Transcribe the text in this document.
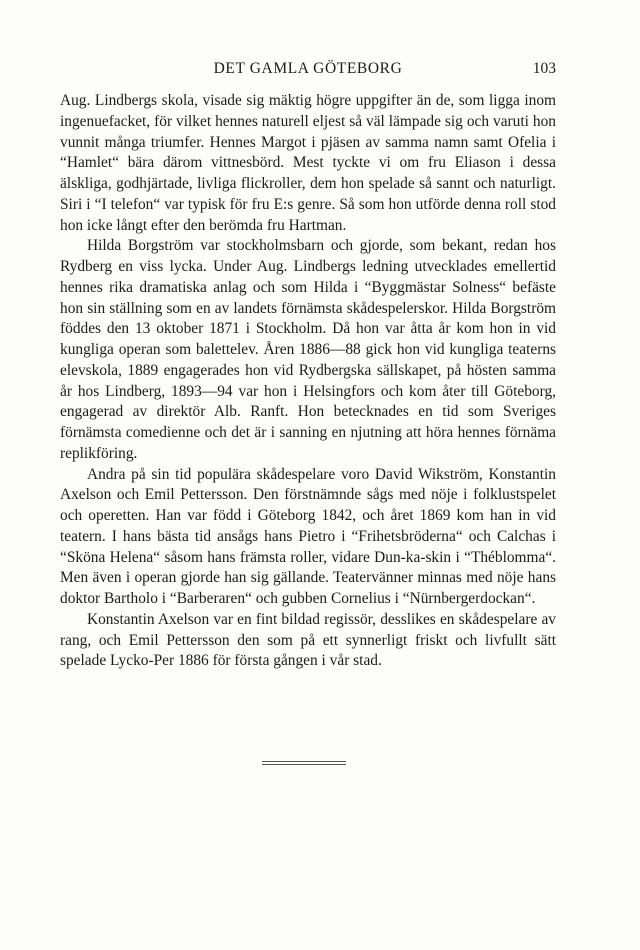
DET GAMLA GÖTEBORG	103

Aug. Lindbergs skola, visade sig mäktig högre uppgifter än de, som ligga inom ingenuefacket, för vilket hennes naturell eljest så väl lämpade sig och varuti hon vunnit många triumfer. Hennes Margot i pjäsen av samma namn samt Ofelia i “Hamlet“ bära därom vittnesbörd. Mest tyckte vi om fru Eliason i dessa älskliga, godhjärtade, livliga flickroller, dem hon spelade så sannt och naturligt. Siri i “I telefon“ var typisk för fru E:s genre. Så som hon utförde denna roll stod hon icke långt efter den berömda fru Hartman.

Hilda Borgström var stockholmsbarn och gjorde, som bekant, redan hos Rydberg en viss lycka. Under Aug. Lindbergs ledning utvecklades emellertid hennes rika dramatiska anlag och som Hilda i “Byggmästar Solness“ befäste hon sin ställning som en av landets förnämsta skådespelerskor. Hilda Borgström föddes den 13 oktober 1871 i Stockholm. Då hon var åtta år kom hon in vid kungliga operan som balettelev. Åren 1886—88 gick hon vid kungliga teaterns elevskola, 1889 engagerades hon vid Rydbergska sällskapet, på hösten samma år hos Lindberg, 1893—94 var hon i Helsingfors och kom åter till Göteborg, engagerad av direktör Alb. Ranft. Hon betecknades en tid som Sveriges förnämsta comedienne och det är i sanning en njutning att höra hennes förnäma replikföring.

Andra på sin tid populära skådespelare voro David Wikström, Konstantin Axelson och Emil Pettersson. Den förstnämnde sågs med nöje i folklustspelet och operetten. Han var född i Göteborg 1842, och året 1869 kom han in vid teatern. I hans bästa tid ansågs hans Pietro i “Frihetsbröderna“ och Calchas i “Sköna Helena“ såsom hans främsta roller, vidare Dun-ka-skin i “Théblomma“. Men även i operan gjorde han sig gällande. Teatervänner minnas med nöje hans doktor Bartholo i “Barberaren“ och gubben Cornelius i “Nürnbergerdockan“.

Konstantin Axelson var en fint bildad regissör, desslikes en skådespelare av rang, och Emil Pettersson den som på ett synnerligt friskt och livfullt sätt spelade Lycko-Per 1886 för första gången i vår stad.
